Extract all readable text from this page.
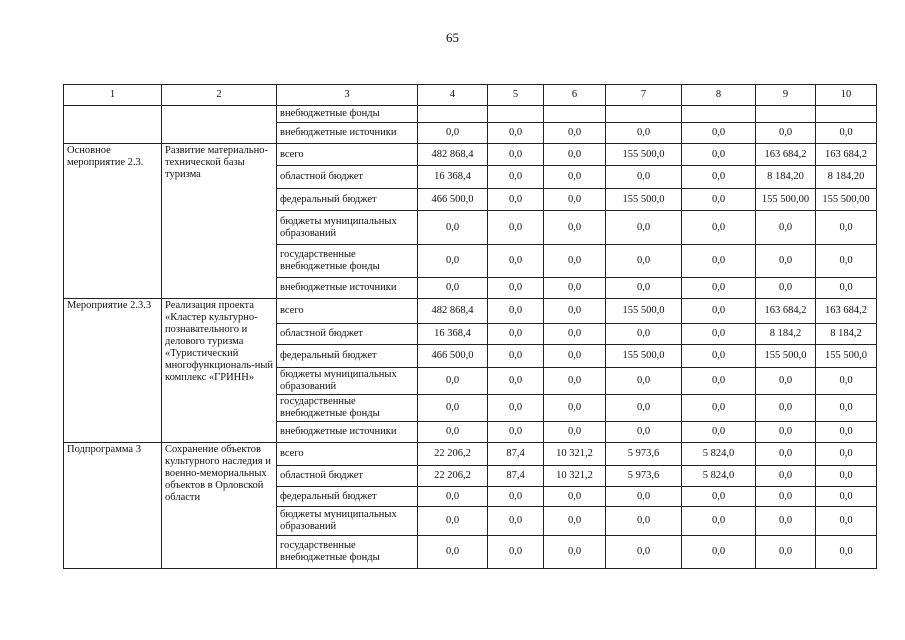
65
1	2	3	4	5	6	7	8	9	10
		внебюджетные фонды							
		внебюджетные источники	0,0	0,0	0,0	0,0	0,0	0,0	0,0
Основное мероприятие 2.3.	Развитие материально-технической базы туризма	всего	482 868,4	0,0	0,0	155 500,0	0,0	163 684,2	163 684,2
		областной бюджет	16 368,4	0,0	0,0	0,0	0,0	8 184,20	8 184,20
		федеральный бюджет	466 500,0	0,0	0,0	155 500,0	0,0	155 500,00	155 500,00
		бюджеты муниципальных образований	0,0	0,0	0,0	0,0	0,0	0,0	0,0
		государственные внебюджетные фонды	0,0	0,0	0,0	0,0	0,0	0,0	0,0
		внебюджетные источники	0,0	0,0	0,0	0,0	0,0	0,0	0,0
Мероприятие 2.3.3	Реализация проекта «Кластер культурно-познавательного и делового туризма «Туристический многофункциональ-ный комплекс «ГРИНН»	всего	482 868,4	0,0	0,0	155 500,0	0,0	163 684,2	163 684,2
		областной бюджет	16 368,4	0,0	0,0	0,0	0,0	8 184,2	8 184,2
		федеральный бюджет	466 500,0	0,0	0,0	155 500,0	0,0	155 500,0	155 500,0
		бюджеты муниципальных образований	0,0	0,0	0,0	0,0	0,0	0,0	0,0
		государственные внебюджетные фонды	0,0	0,0	0,0	0,0	0,0	0,0	0,0
		внебюджетные источники	0,0	0,0	0,0	0,0	0,0	0,0	0,0
Подпрограмма 3	Сохранение объектов культурного наследия и военно-мемориальных объектов в Орловской области	всего	22 206,2	87,4	10 321,2	5 973,6	5 824,0	0,0	0,0
		областной бюджет	22 206,2	87,4	10 321,2	5 973,6	5 824,0	0,0	0,0
		федеральный бюджет	0,0	0,0	0,0	0,0	0,0	0,0	0,0
		бюджеты муниципальных образований	0,0	0,0	0,0	0,0	0,0	0,0	0,0
		государственные внебюджетные фонды	0,0	0,0	0,0	0,0	0,0	0,0	0,0
